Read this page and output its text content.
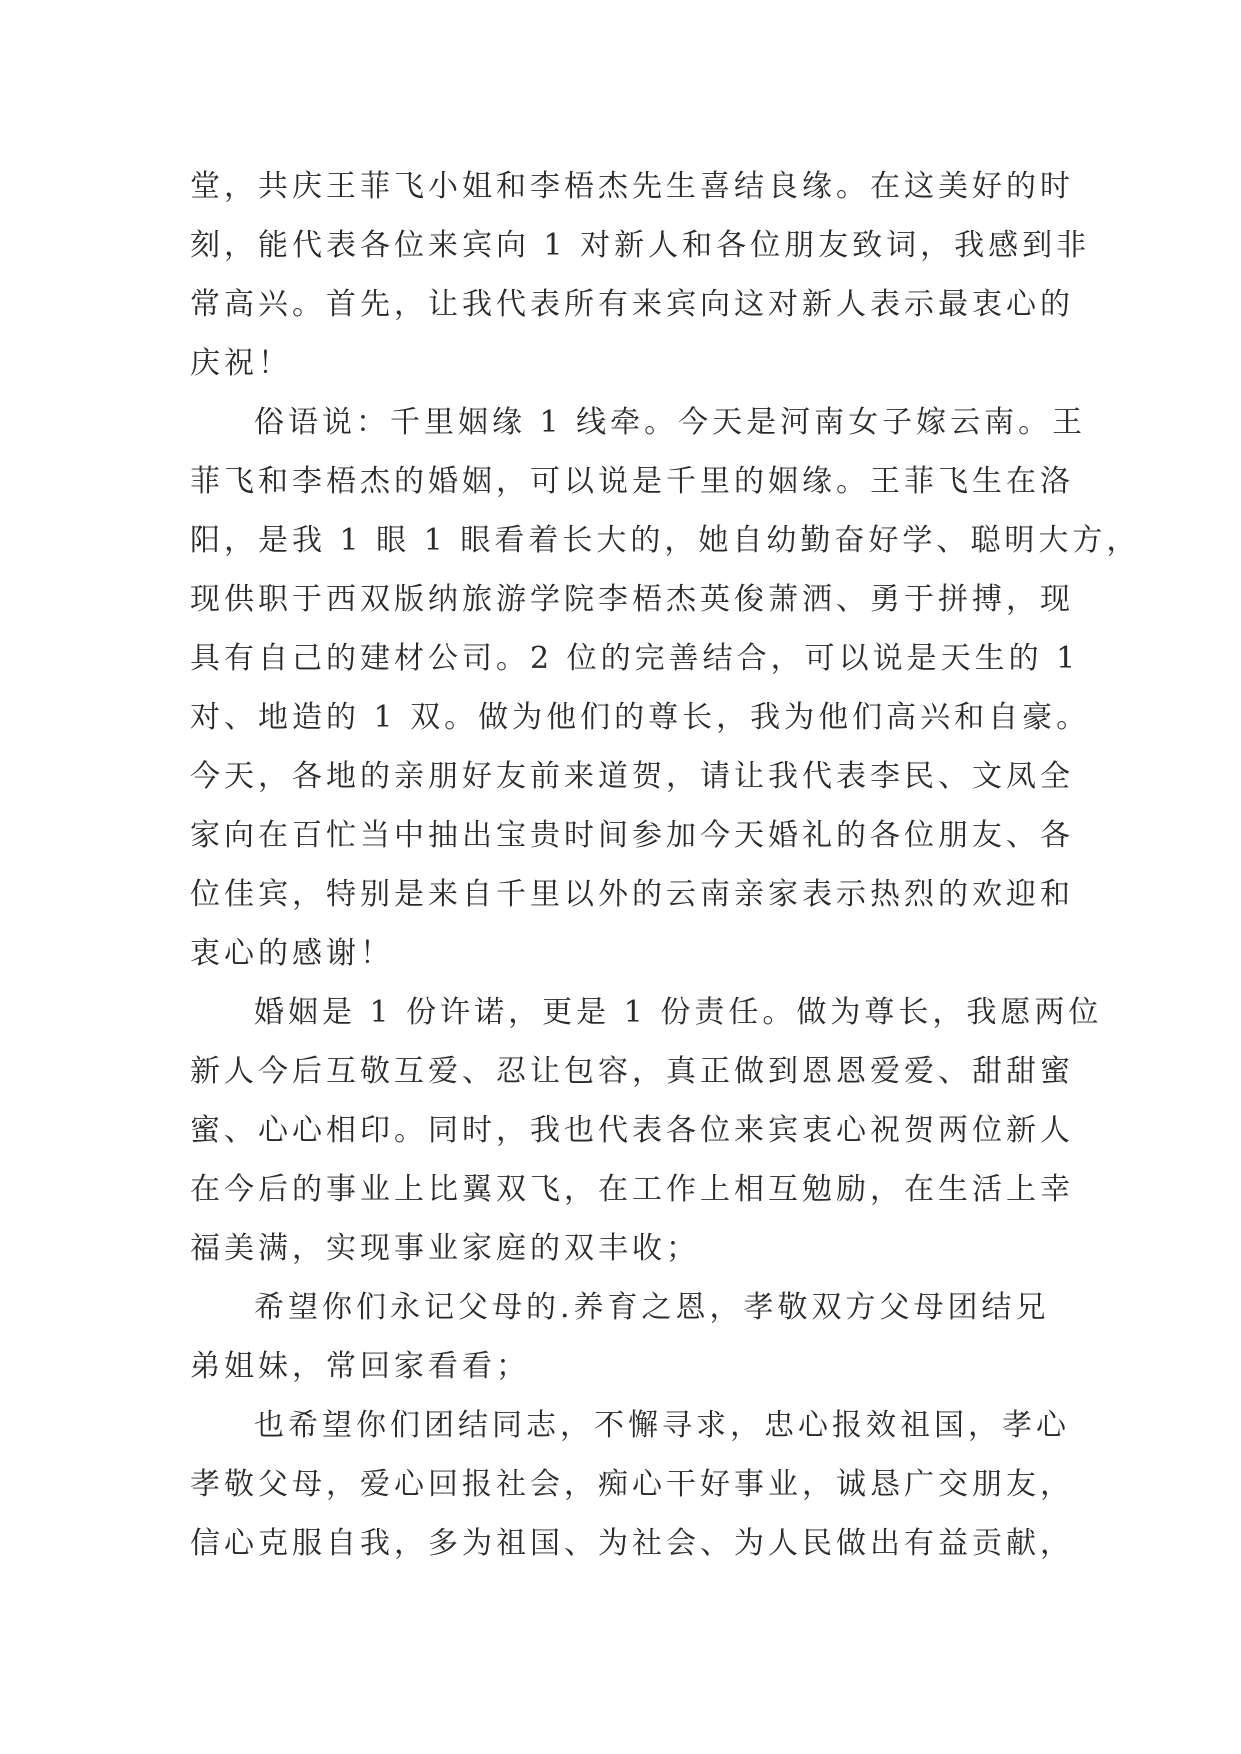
堂，共庆王菲飞小姐和李梧杰先生喜结良缘。在这美好的时
刻，能代表各位来宾向 1 对新人和各位朋友致词，我感到非
常高兴。首先，让我代表所有来宾向这对新人表示最衷心的
庆祝！
俗语说：千里姻缘 1 线牵。今天是河南女子嫁云南。王
菲飞和李梧杰的婚姻，可以说是千里的姻缘。王菲飞生在洛
阳，是我 1 眼 1 眼看着长大的，她自幼勤奋好学、聪明大方，
现供职于西双版纳旅游学院李梧杰英俊萧洒、勇于拼搏，现
具有自己的建材公司。2 位的完善结合，可以说是天生的 1
对、地造的 1 双。做为他们的尊长，我为他们高兴和自豪。
今天，各地的亲朋好友前来道贺，请让我代表李民、文凤全
家向在百忙当中抽出宝贵时间参加今天婚礼的各位朋友、各
位佳宾，特别是来自千里以外的云南亲家表示热烈的欢迎和
衷心的感谢！
婚姻是 1 份许诺，更是 1 份责任。做为尊长，我愿两位
新人今后互敬互爱、忍让包容，真正做到恩恩爱爱、甜甜蜜
蜜、心心相印。同时，我也代表各位来宾衷心祝贺两位新人
在今后的事业上比翼双飞，在工作上相互勉励，在生活上幸
福美满，实现事业家庭的双丰收；
希望你们永记父母的.养育之恩，孝敬双方父母团结兄
弟姐妹，常回家看看；
也希望你们团结同志，不懈寻求，忠心报效祖国，孝心
孝敬父母，爱心回报社会，痴心干好事业，诚恳广交朋友，
信心克服自我，多为祖国、为社会、为人民做出有益贡献，
